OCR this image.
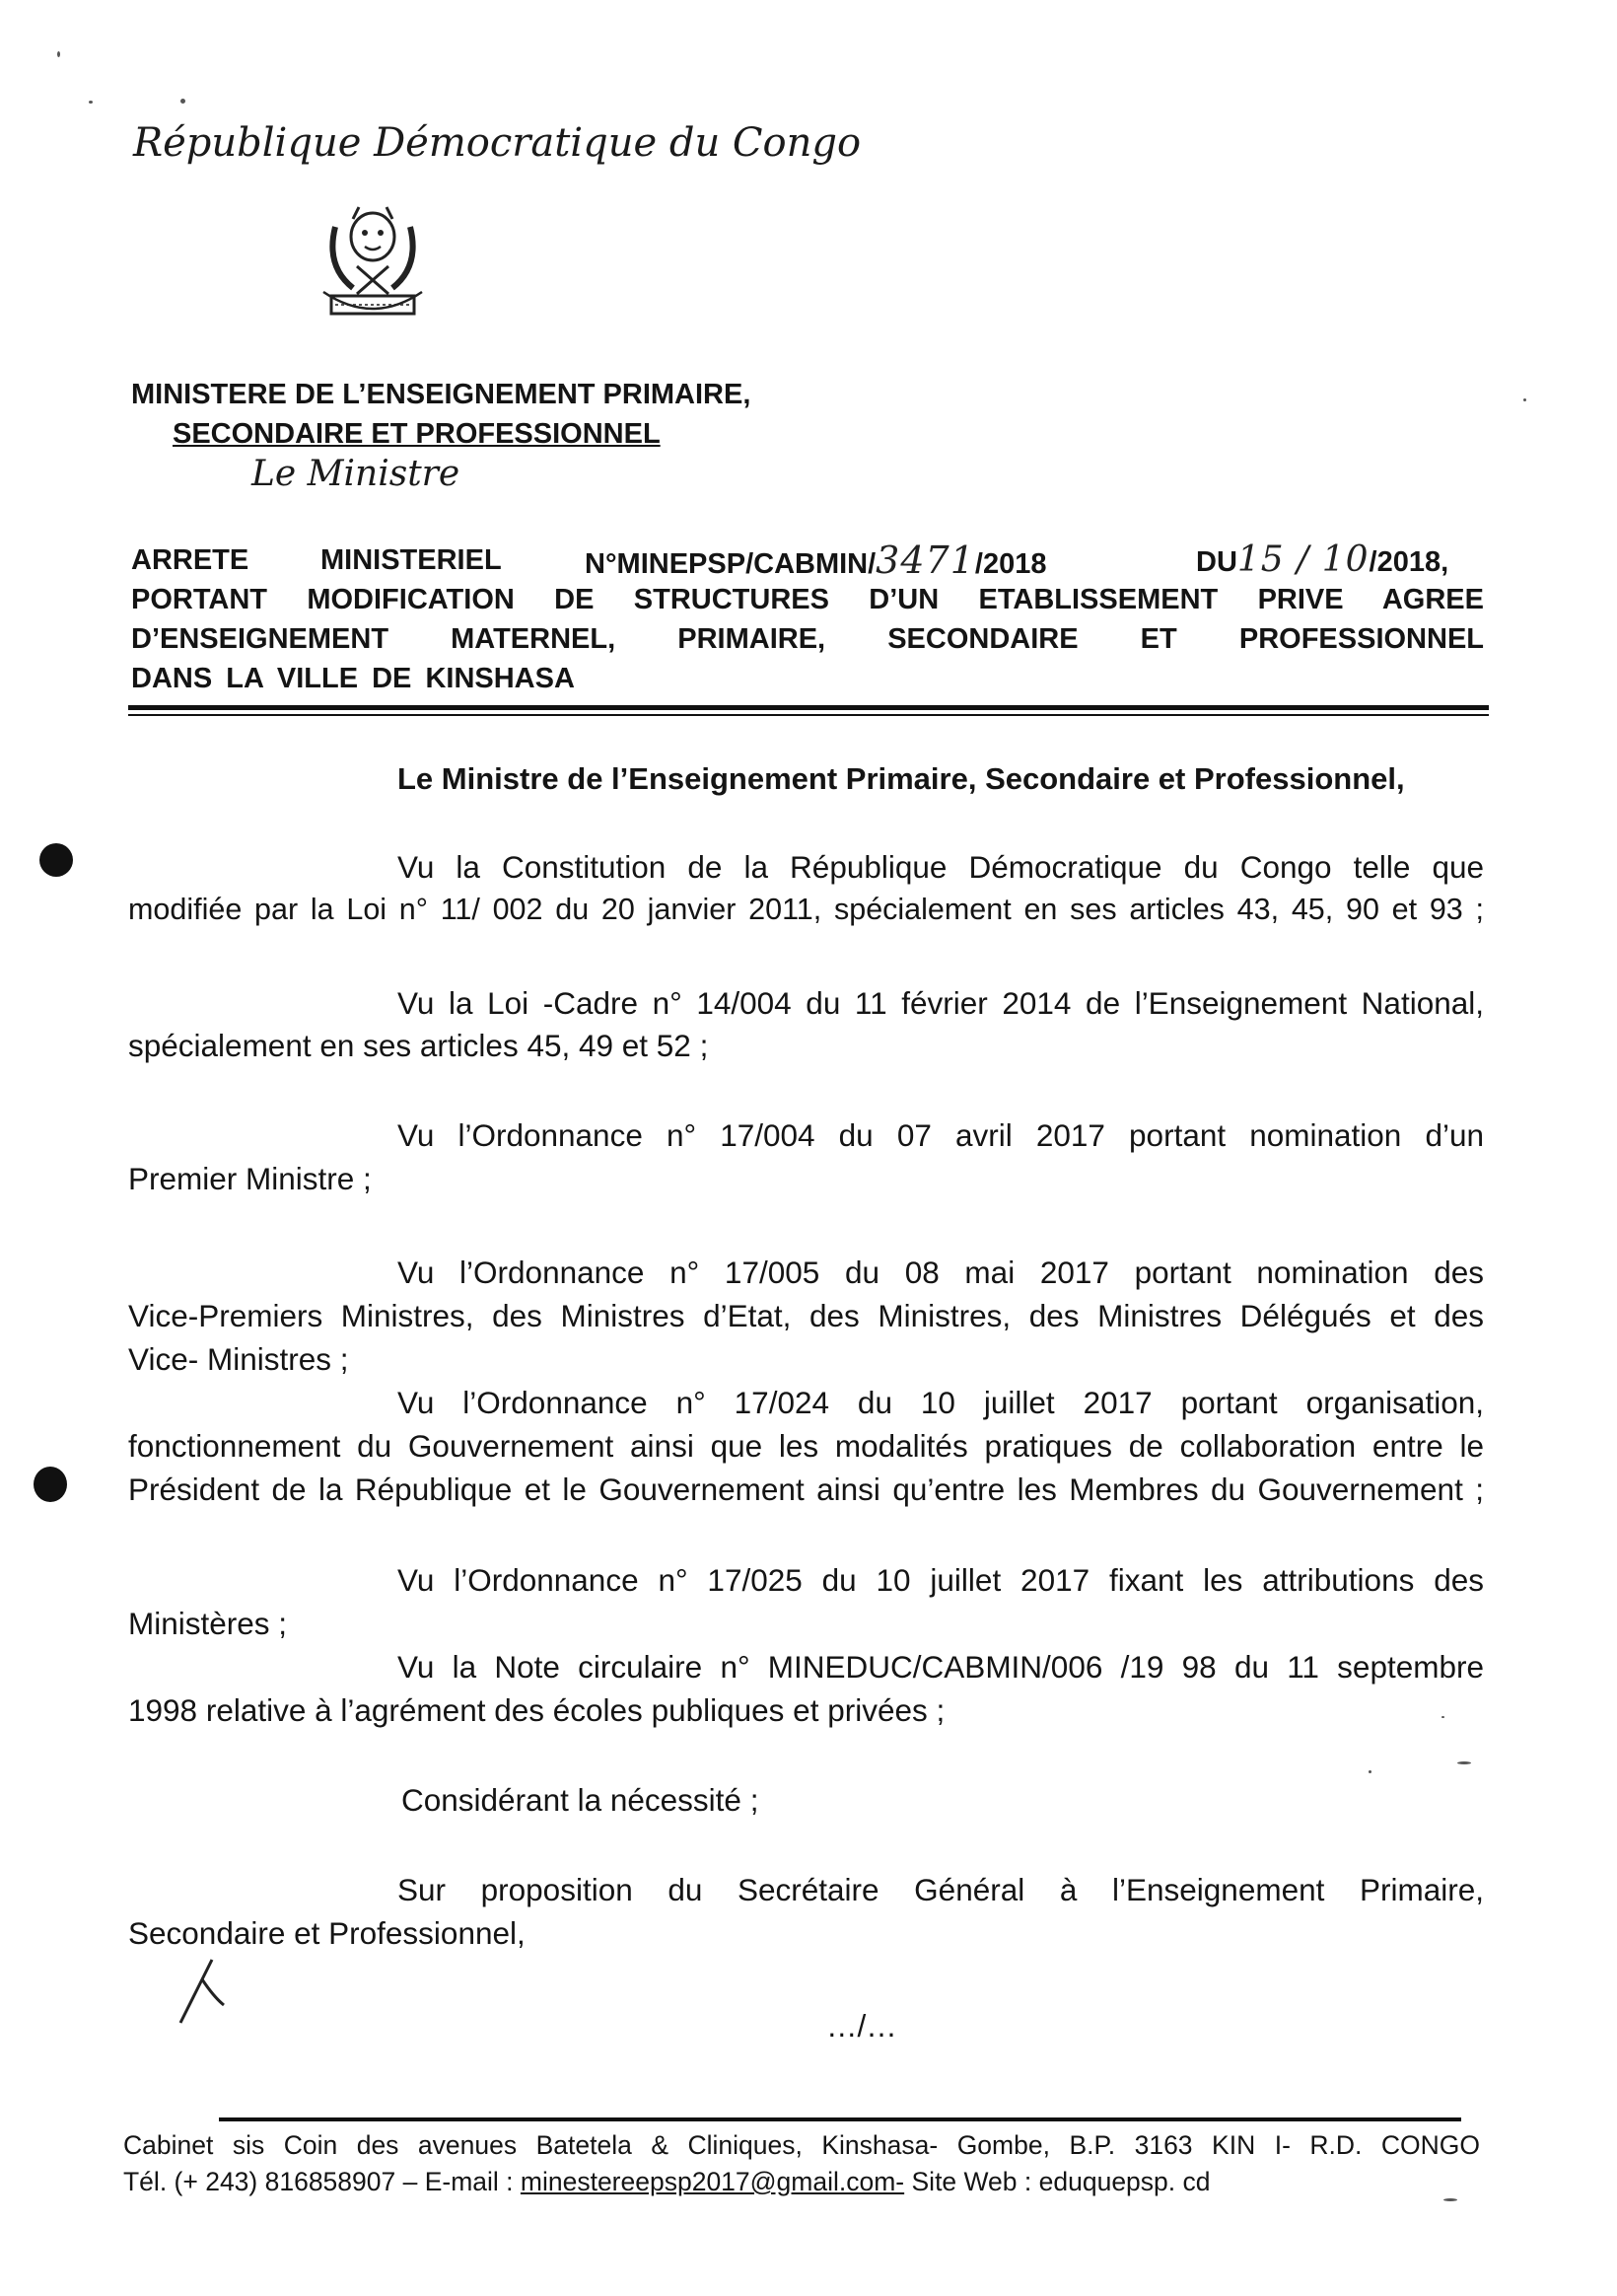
République Démocratique du Congo
MINISTERE DE L’ENSEIGNEMENT PRIMAIRE,
SECONDAIRE ET PROFESSIONNEL
Le Ministre
ARRETE	MINISTERIEL	N°MINEPSP/CABMIN/3471/2018	DU15 / 10/2018,
PORTANT MODIFICATION DE STRUCTURES D’UN ETABLISSEMENT PRIVE AGREE
D’ENSEIGNEMENT MATERNEL, PRIMAIRE, SECONDAIRE ET PROFESSIONNEL
DANS LA VILLE DE KINSHASA
Le Ministre de l’Enseignement Primaire, Secondaire et Professionnel,
Vu la Constitution de la République Démocratique du Congo telle que
modifiée par la Loi n° 11/ 002 du 20 janvier 2011, spécialement en ses articles 43, 45, 90 et 93 ;
Vu la Loi -Cadre n° 14/004 du 11 février 2014 de l’Enseignement National,
spécialement en ses articles 45, 49 et 52 ;
Vu l’Ordonnance n° 17/004 du 07 avril 2017 portant nomination d’un
Premier Ministre ;
Vu l’Ordonnance n° 17/005 du 08 mai 2017 portant nomination des
Vice-Premiers Ministres, des Ministres d’Etat, des Ministres, des Ministres Délégués et des
Vice- Ministres ;
Vu l’Ordonnance n° 17/024 du 10 juillet 2017 portant organisation,
fonctionnement du Gouvernement ainsi que les modalités pratiques de collaboration entre le
Président de la République et le Gouvernement ainsi qu’entre les Membres du Gouvernement ;
Vu l’Ordonnance n° 17/025 du 10 juillet 2017 fixant les attributions des
Ministères ;
Vu la Note circulaire n° MINEDUC/CABMIN/006 /19 98 du 11 septembre
1998 relative à l’agrément des écoles publiques et privées ;
Considérant la nécessité ;
Sur proposition du Secrétaire Général à l’Enseignement Primaire,
Secondaire et Professionnel,
…/…
Cabinet sis Coin des avenues Batetela & Cliniques, Kinshasa- Gombe, B.P. 3163 KIN I- R.D. CONGO
Tél. (+ 243) 816858907 – E-mail : minestereepsp2017@gmail.com- Site Web : eduquepsp. cd
